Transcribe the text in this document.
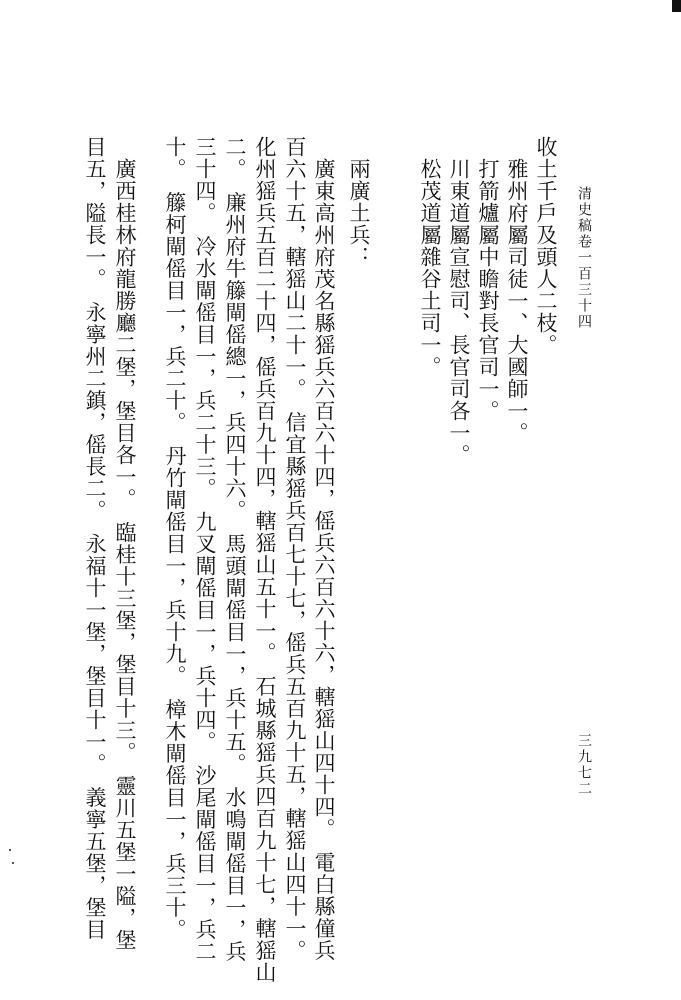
清史稿卷一百三十四
三九七二
收土千戶及頭人二枝。
　雅州府屬司徒一、大國師一。
　打箭爐屬中瞻對長官司一。
　川東道屬宣慰司、長官司各一。
　松茂道屬雜谷土司一。
　兩廣土兵：
　廣東高州府茂名縣猺兵六百六十四，傜兵六百六十六，轄猺山四十四。　電白縣僮兵
百六十五，轄猺山二十一。　信宜縣猺兵百七十七，傜兵五百九十五，轄猺山四十一。　
化州猺兵五百二十四，傜兵百九十四，轄猺山五十一。　石城縣猺兵四百九十七，轄猺山
二。　廉州府牛籐閘傜總一，兵四十六。　馬頭閘傜目一，兵十五。　水鳴閘傜目一，兵
三十四。　冷水閘傜目一，兵二十三。　九叉閘傜目一，兵十四。　沙尾閘傜目一，兵二
十。　籐柯閘傜目一，兵二十。　丹竹閘傜目一，兵十九。　樟木閘傜目一，兵三十。
　廣西桂林府龍勝廳二堡，堡目各一。　臨桂十三堡，堡目十三。　靈川五堡一隘，堡
目五，隘長一。　永寧州二鎮，傜長二。　永福十一堡，堡目十一。　義寧五堡，堡目
